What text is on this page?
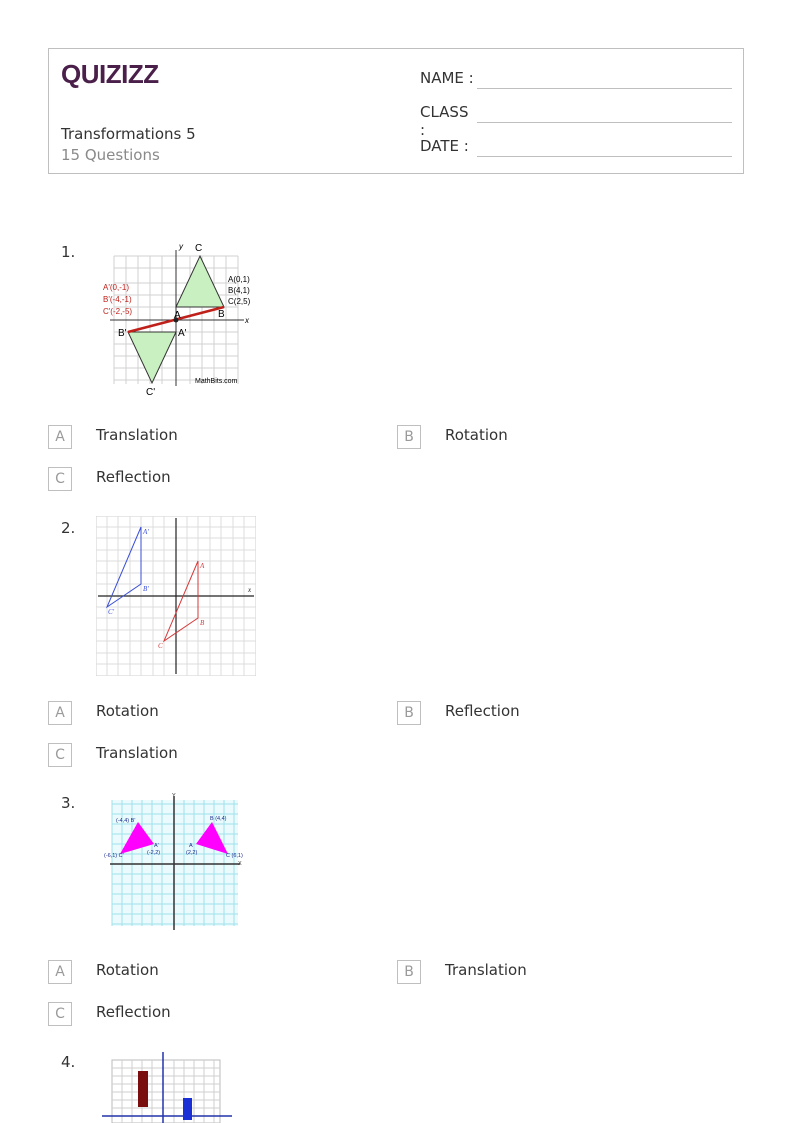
QUIZIZZ
Transformations 5
15 Questions
NAME :
CLASS :
DATE :
1.	C
A	B
A'
B'
C'
A(0,1)
B(4,1)
C(2,5)
A'(0,-1)
B'(-4,-1)
C'(-2,-5)
x
y
MathBits.com
A	Translation	B	Rotation
C	Reflection
2.	A'
B'
C'
A
B
C
x
A	Rotation	B	Reflection
C	Translation
3.
(-4,4) B'
A'
(-2,2)
(-6,1) C'
B (4,4)
A
(2,2)	C (6,1)
X
Y
A	Rotation	B	Translation
C	Reflection
4.
